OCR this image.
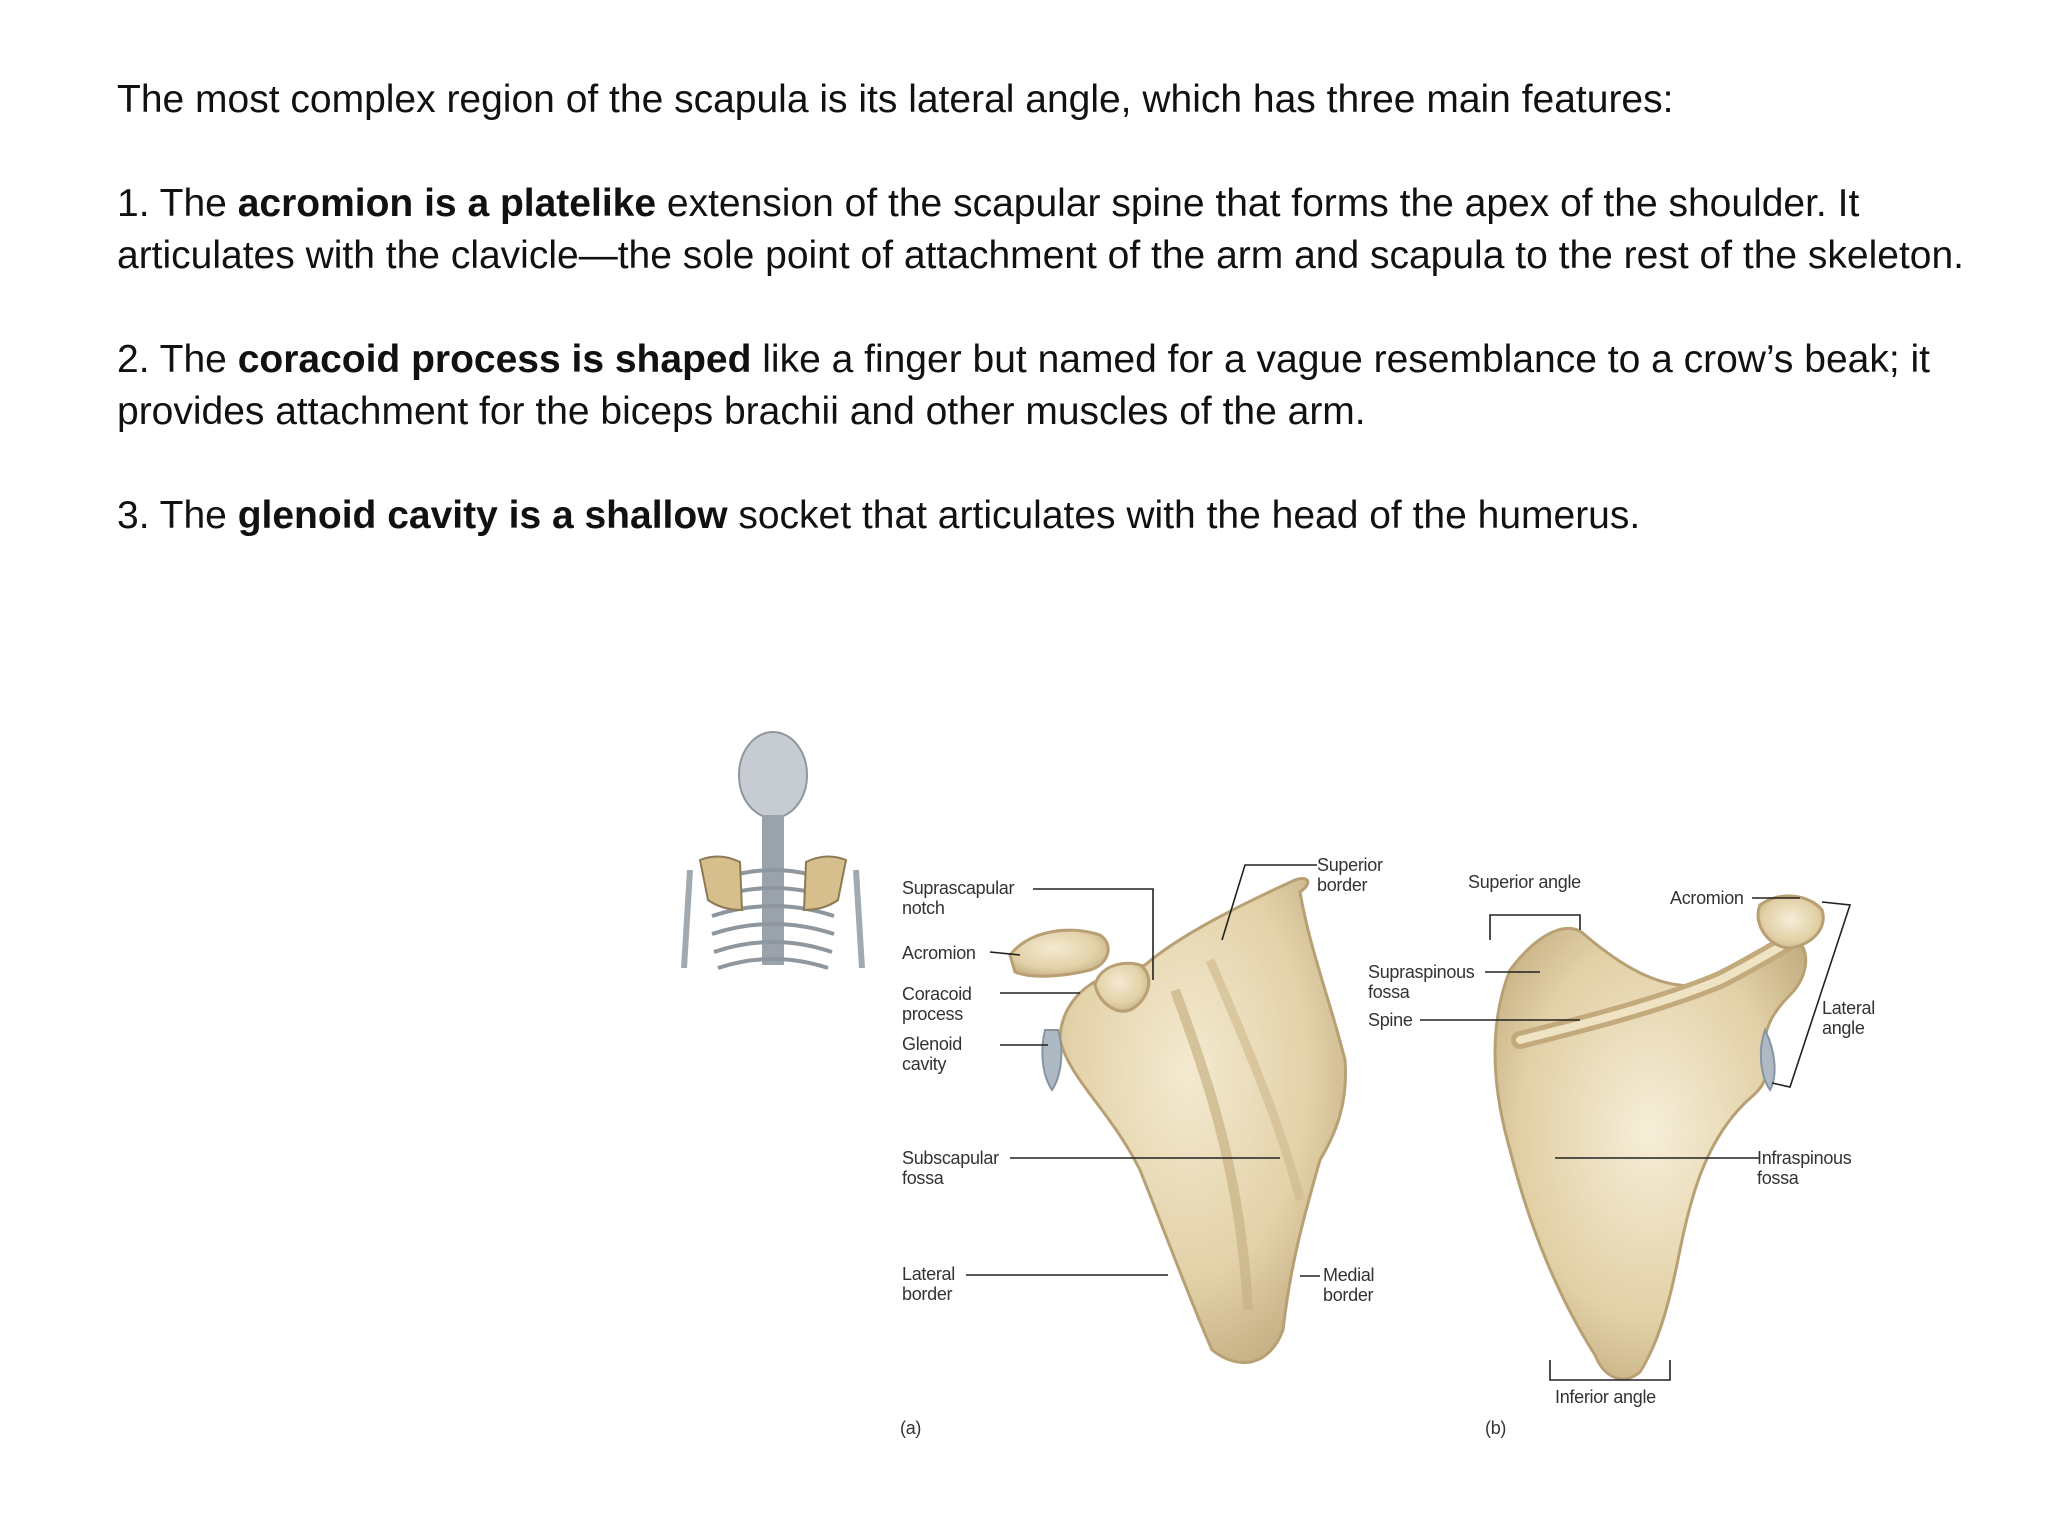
The most complex region of the scapula is its lateral angle, which has three main features:

1. The acromion is a platelike extension of the scapular spine that forms the apex of the shoulder. It articulates with the clavicle—the sole point of attachment of the arm and scapula to the rest of the skeleton.

2. The coracoid process is shaped like a finger but named for a vague resemblance to a crow’s beak; it provides attachment for the biceps brachii and other muscles of the arm.

3. The glenoid cavity is a shallow socket that articulates with the head of the humerus.

Suprascapular
notch
Acromion
Coracoid
process
Glenoid
cavity
Subscapular
fossa
Lateral
border
Superior
border
Medial
border
(a)
Superior angle
Acromion
Supraspinous
fossa
Spine
Lateral
angle
Infraspinous
fossa
Inferior angle
(b)
